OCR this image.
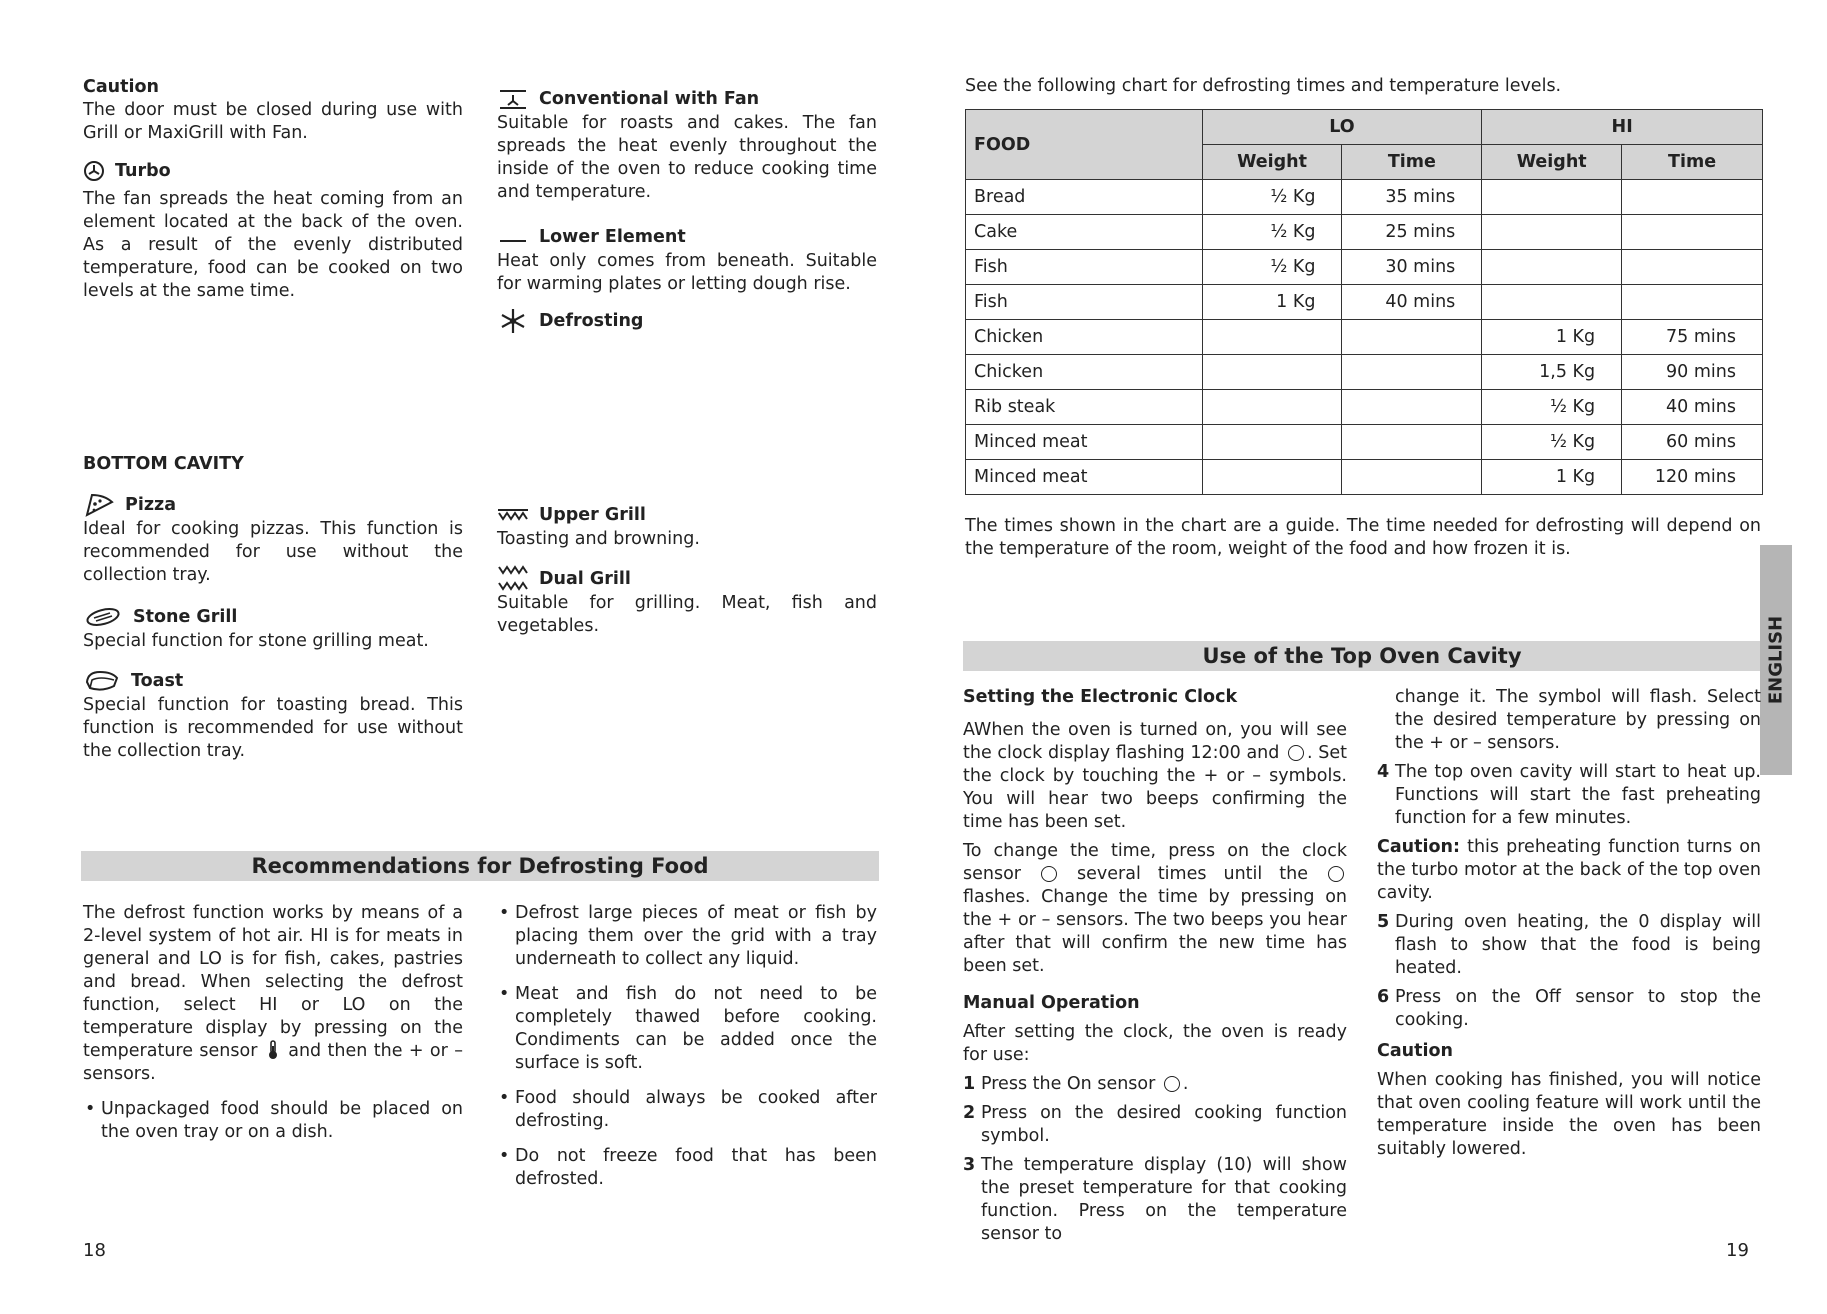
Caution

The door must be closed during use with Grill or MaxiGrill with Fan.

Turbo

The fan spreads the heat coming from an element located at the back of the oven. As a result of the evenly distributed temperature, food can be cooked on two levels at the same time.

Conventional with Fan

Suitable for roasts and cakes. The fan spreads the heat evenly throughout the inside of the oven to reduce cooking time and temperature.

Lower Element

Heat only comes from beneath. Suitable for warming plates or letting dough rise.

Defrosting
BOTTOM CAVITY
Pizza

Ideal for cooking pizzas. This function is recommended for use without the collection tray.

Stone Grill

Special function for stone grilling meat.

Toast

Special function for toasting bread. This function is recommended for use without the collection tray.

Upper Grill

Toasting and browning.

Dual Grill

Suitable for grilling. Meat, fish and vegetables.

Recommendations for Defrosting Food

The defrost function works by means of a 2-level system of hot air. HI is for meats in general and LO is for fish, cakes, pastries and bread. When selecting the defrost function, select HI or LO on the temperature display by pressing on the temperature sensor and then the + or – sensors.

• Unpackaged food should be placed on the oven tray or on a dish.
• Defrost large pieces of meat or fish by placing them over the grid with a tray underneath to collect any liquid.
• Meat and fish do not need to be completely thawed before cooking. Condiments can be added once the surface is soft.
• Food should always be cooked after defrosting.
• Do not freeze food that has been defrosted.
18
See the following chart for defrosting times and temperature levels.
FOOD	LO		HI	
	Weight	Time	Weight	Time
Bread	½ Kg	35 mins		
Cake	½ Kg	25 mins		
Fish	½ Kg	30 mins		
Fish	1 Kg	40 mins		
Chicken			1 Kg	75 mins
Chicken			1,5 Kg	90 mins
Rib steak			½ Kg	40 mins
Minced meat			½ Kg	60 mins
Minced meat			1 Kg	120 mins

The times shown in the chart are a guide. The time needed for defrosting will depend on the temperature of the room, weight of the food and how frozen it is.

Use of the Top Oven Cavity	ENGLISH
Setting the Electronic Clock

AWhen the oven is turned on, you will see the clock display flashing 12:00 and . Set the clock by touching the + or – symbols. You will hear two beeps confirming the time has been set.

To change the time, press on the clock sensor	several times until the  flashes. Change the time by pressing on the + or – sensors. The two beeps you hear after that will confirm the new time has been set.

Manual Operation

After setting the clock, the oven is ready for use:

1 Press the On sensor .
2 Press on the desired cooking function symbol.
3 The temperature display (10) will show the preset temperature for that cooking function. Press on the temperature sensor to

change it. The symbol will flash. Select the desired temperature by pressing on the + or – sensors.

4 The top oven cavity will start to heat up. Functions will start the fast preheating function for a few minutes.

Caution: this preheating function turns on the turbo motor at the back of the top oven cavity.

5 During oven heating, the 0 display will flash to show that the food is being heated.
6 Press on the Off sensor to stop the cooking.
Caution

When cooking has finished, you will notice that oven cooling feature will work until the temperature inside the oven has been suitably lowered.

19
